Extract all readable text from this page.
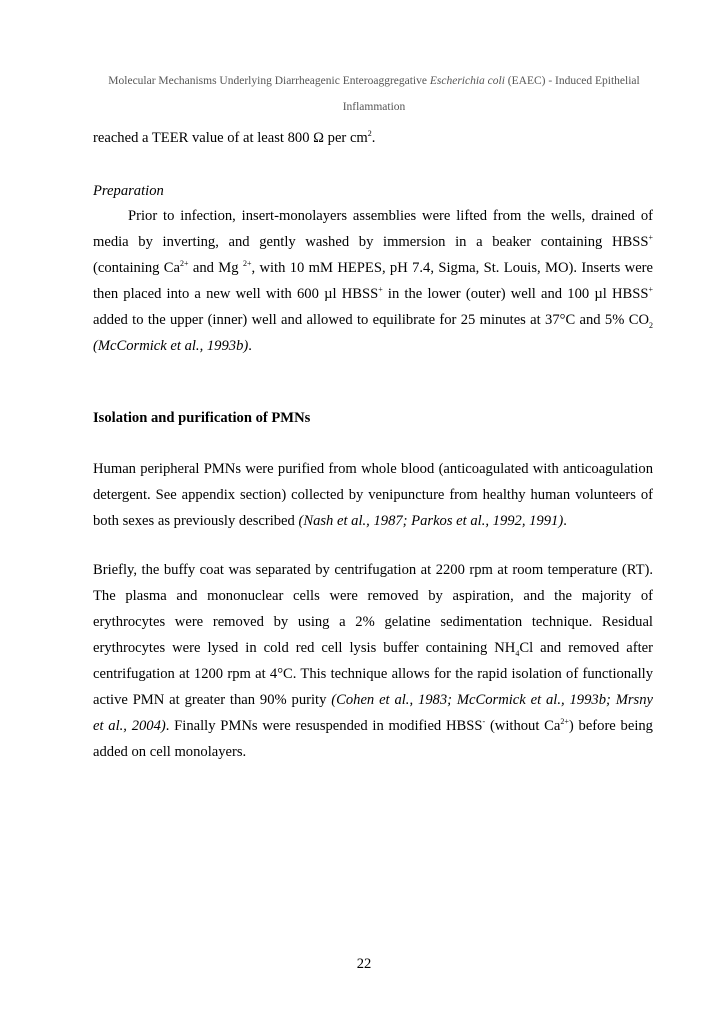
Molecular Mechanisms Underlying Diarrheagenic Enteroaggregative Escherichia coli (EAEC) - Induced Epithelial
Inflammation
reached a TEER value of at least 800 Ω per $cm^2$.
Preparation
Prior to infection, insert-monolayers assemblies were lifted from the wells, drained of
media by inverting, and gently washed by immersion in a beaker containing HBSS+
(containing $Ca^{2+}$ and Mg $^{2+}$, with 10 mM HEPES, pH 7.4, Sigma, St. Louis, MO). Inserts were
then placed into a new well with 600 µl HBSS+ in the lower (outer) well and 100 µl HBSS+
added to the upper (inner) well and allowed to equilibrate for 25 minutes at 37°C and 5% $CO_2$
(McCormick et al., 1993b).
Isolation and purification of PMNs
Human peripheral PMNs were purified from whole blood (anticoagulated with anticoagulation
detergent. See appendix section) collected by venipuncture from healthy human volunteers of
both sexes as previously described (Nash et al., 1987; Parkos et al., 1992, 1991).
Briefly, the buffy coat was separated by centrifugation at 2200 rpm at room temperature (RT).
The plasma and mononuclear cells were removed by aspiration, and the majority of
erythrocytes were removed by using a 2% gelatine sedimentation technique. Residual
erythrocytes were lysed in cold red cell lysis buffer containing $NH_4Cl$ and removed after
centrifugation at 1200 rpm at 4°C. This technique allows for the rapid isolation of functionally
active PMN at greater than 90% purity (Cohen et al., 1983; McCormick et al., 1993b; Mrsny
et al., 2004). Finally PMNs were resuspended in modified HBSS- (without $Ca^{2+}$) before being
added on cell monolayers.
22
